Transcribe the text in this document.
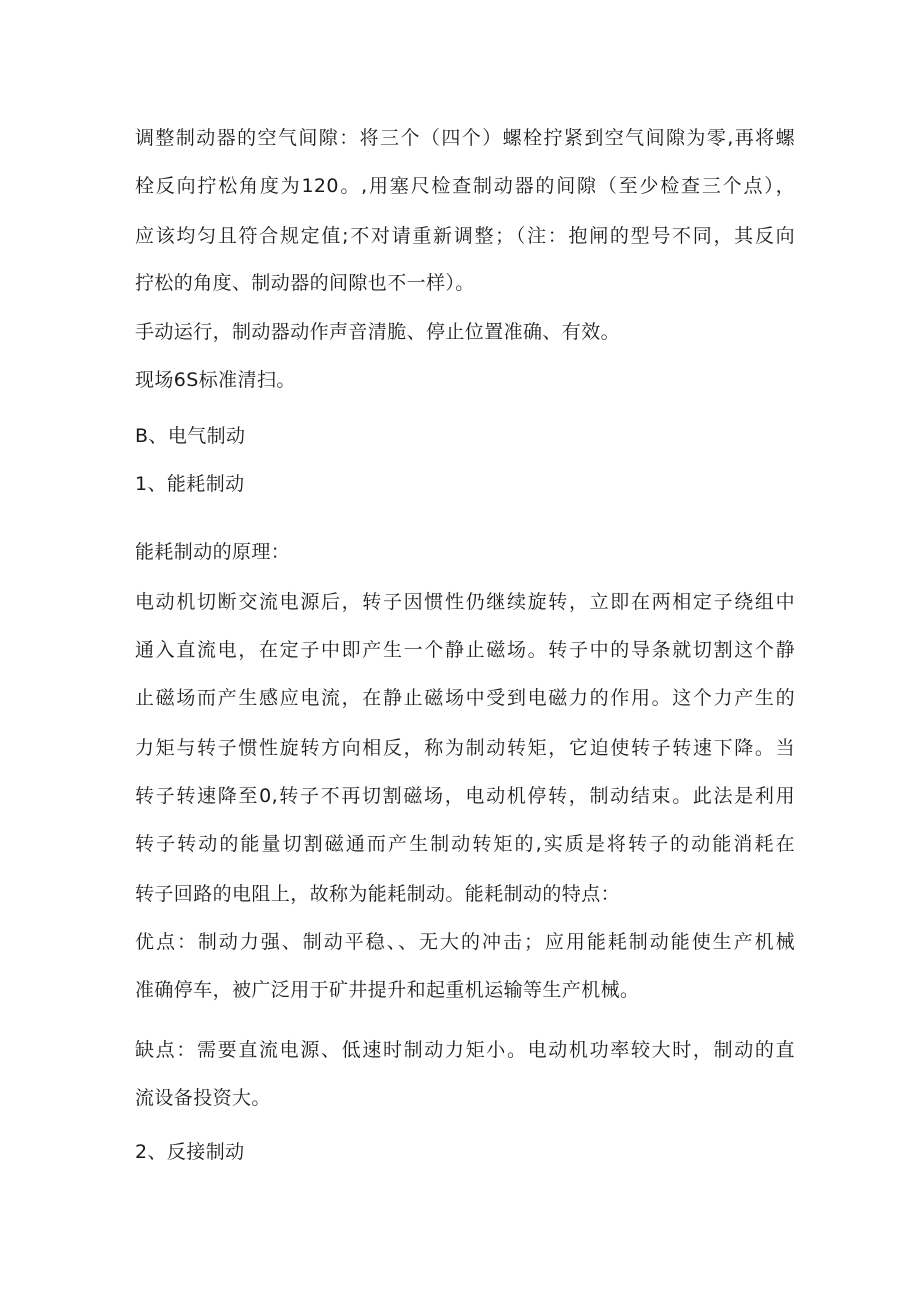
调整制动器的空气间隙：将三个（四个）螺栓拧紧到空气间隙为零,再将螺
栓反向拧松角度为120。,用塞尺检查制动器的间隙（至少检查三个点），
应该均匀且符合规定值;不对请重新调整；（注：抱闸的型号不同，其反向
拧松的角度、制动器的间隙也不一样）。
手动运行，制动器动作声音清脆、停止位置准确、有效。
现场6S标准清扫。
B、电气制动
1、能耗制动
能耗制动的原理：
电动机切断交流电源后，转子因惯性仍继续旋转，立即在两相定子绕组中
通入直流电，在定子中即产生一个静止磁场。转子中的导条就切割这个静
止磁场而产生感应电流，在静止磁场中受到电磁力的作用。这个力产生的
力矩与转子惯性旋转方向相反，称为制动转矩，它迫使转子转速下降。当
转子转速降至0,转子不再切割磁场，电动机停转，制动结束。此法是利用
转子转动的能量切割磁通而产生制动转矩的,实质是将转子的动能消耗在
转子回路的电阻上，故称为能耗制动。能耗制动的特点：
优点：制动力强、制动平稳、、无大的冲击；应用能耗制动能使生产机械
准确停车，被广泛用于矿井提升和起重机运输等生产机械。
缺点：需要直流电源、低速时制动力矩小。电动机功率较大时，制动的直
流设备投资大。
2、反接制动
